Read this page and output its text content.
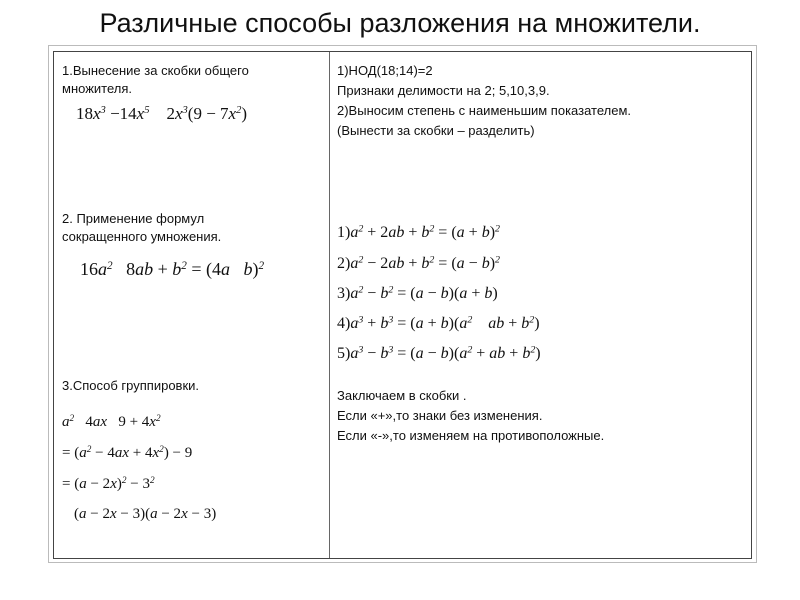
Различные способы разложения на множители.
1.Вынесение за скобки общего
множителя.
$18x^3 -14x^5$ $2x^3(9 - 7x^2)$
2. Применение формул
сокращенного умножения.
$16a^2$ $8ab + b^2 = (4a$   b)$^2$
3.Способ группировки.
$a^2$ 4ax   $9 + 4x^2$
= $(a^2 - 4ax + 4x^2) - 9$
= $(a - 2x)^2 - 3^2$
(a − 2x − 3)(a − 2x − 3)
1)НОД(18;14)=2
Признаки делимости на 2; 5,10,3,9.
2)Выносим степень с наименьшим показателем.
(Вынести за скобки – разделить)
$1)a^2 + 2ab + b^2 = (a + b)^2$
$2)a^2 - 2ab + b^2 = (a - b)^2$
$3)a^2 - b^2 = (a - b)(a + b)$
$4)a^3 + b^3 = (a + b)(a^2$    ab + $b^2$)
$5)a^3 - b^3 = (a - b)(a^2$ + ab + $b^2$)
Заключаем в скобки .
Если «+»,то знаки без изменения.
Если «-»,то изменяем на противоположные.
